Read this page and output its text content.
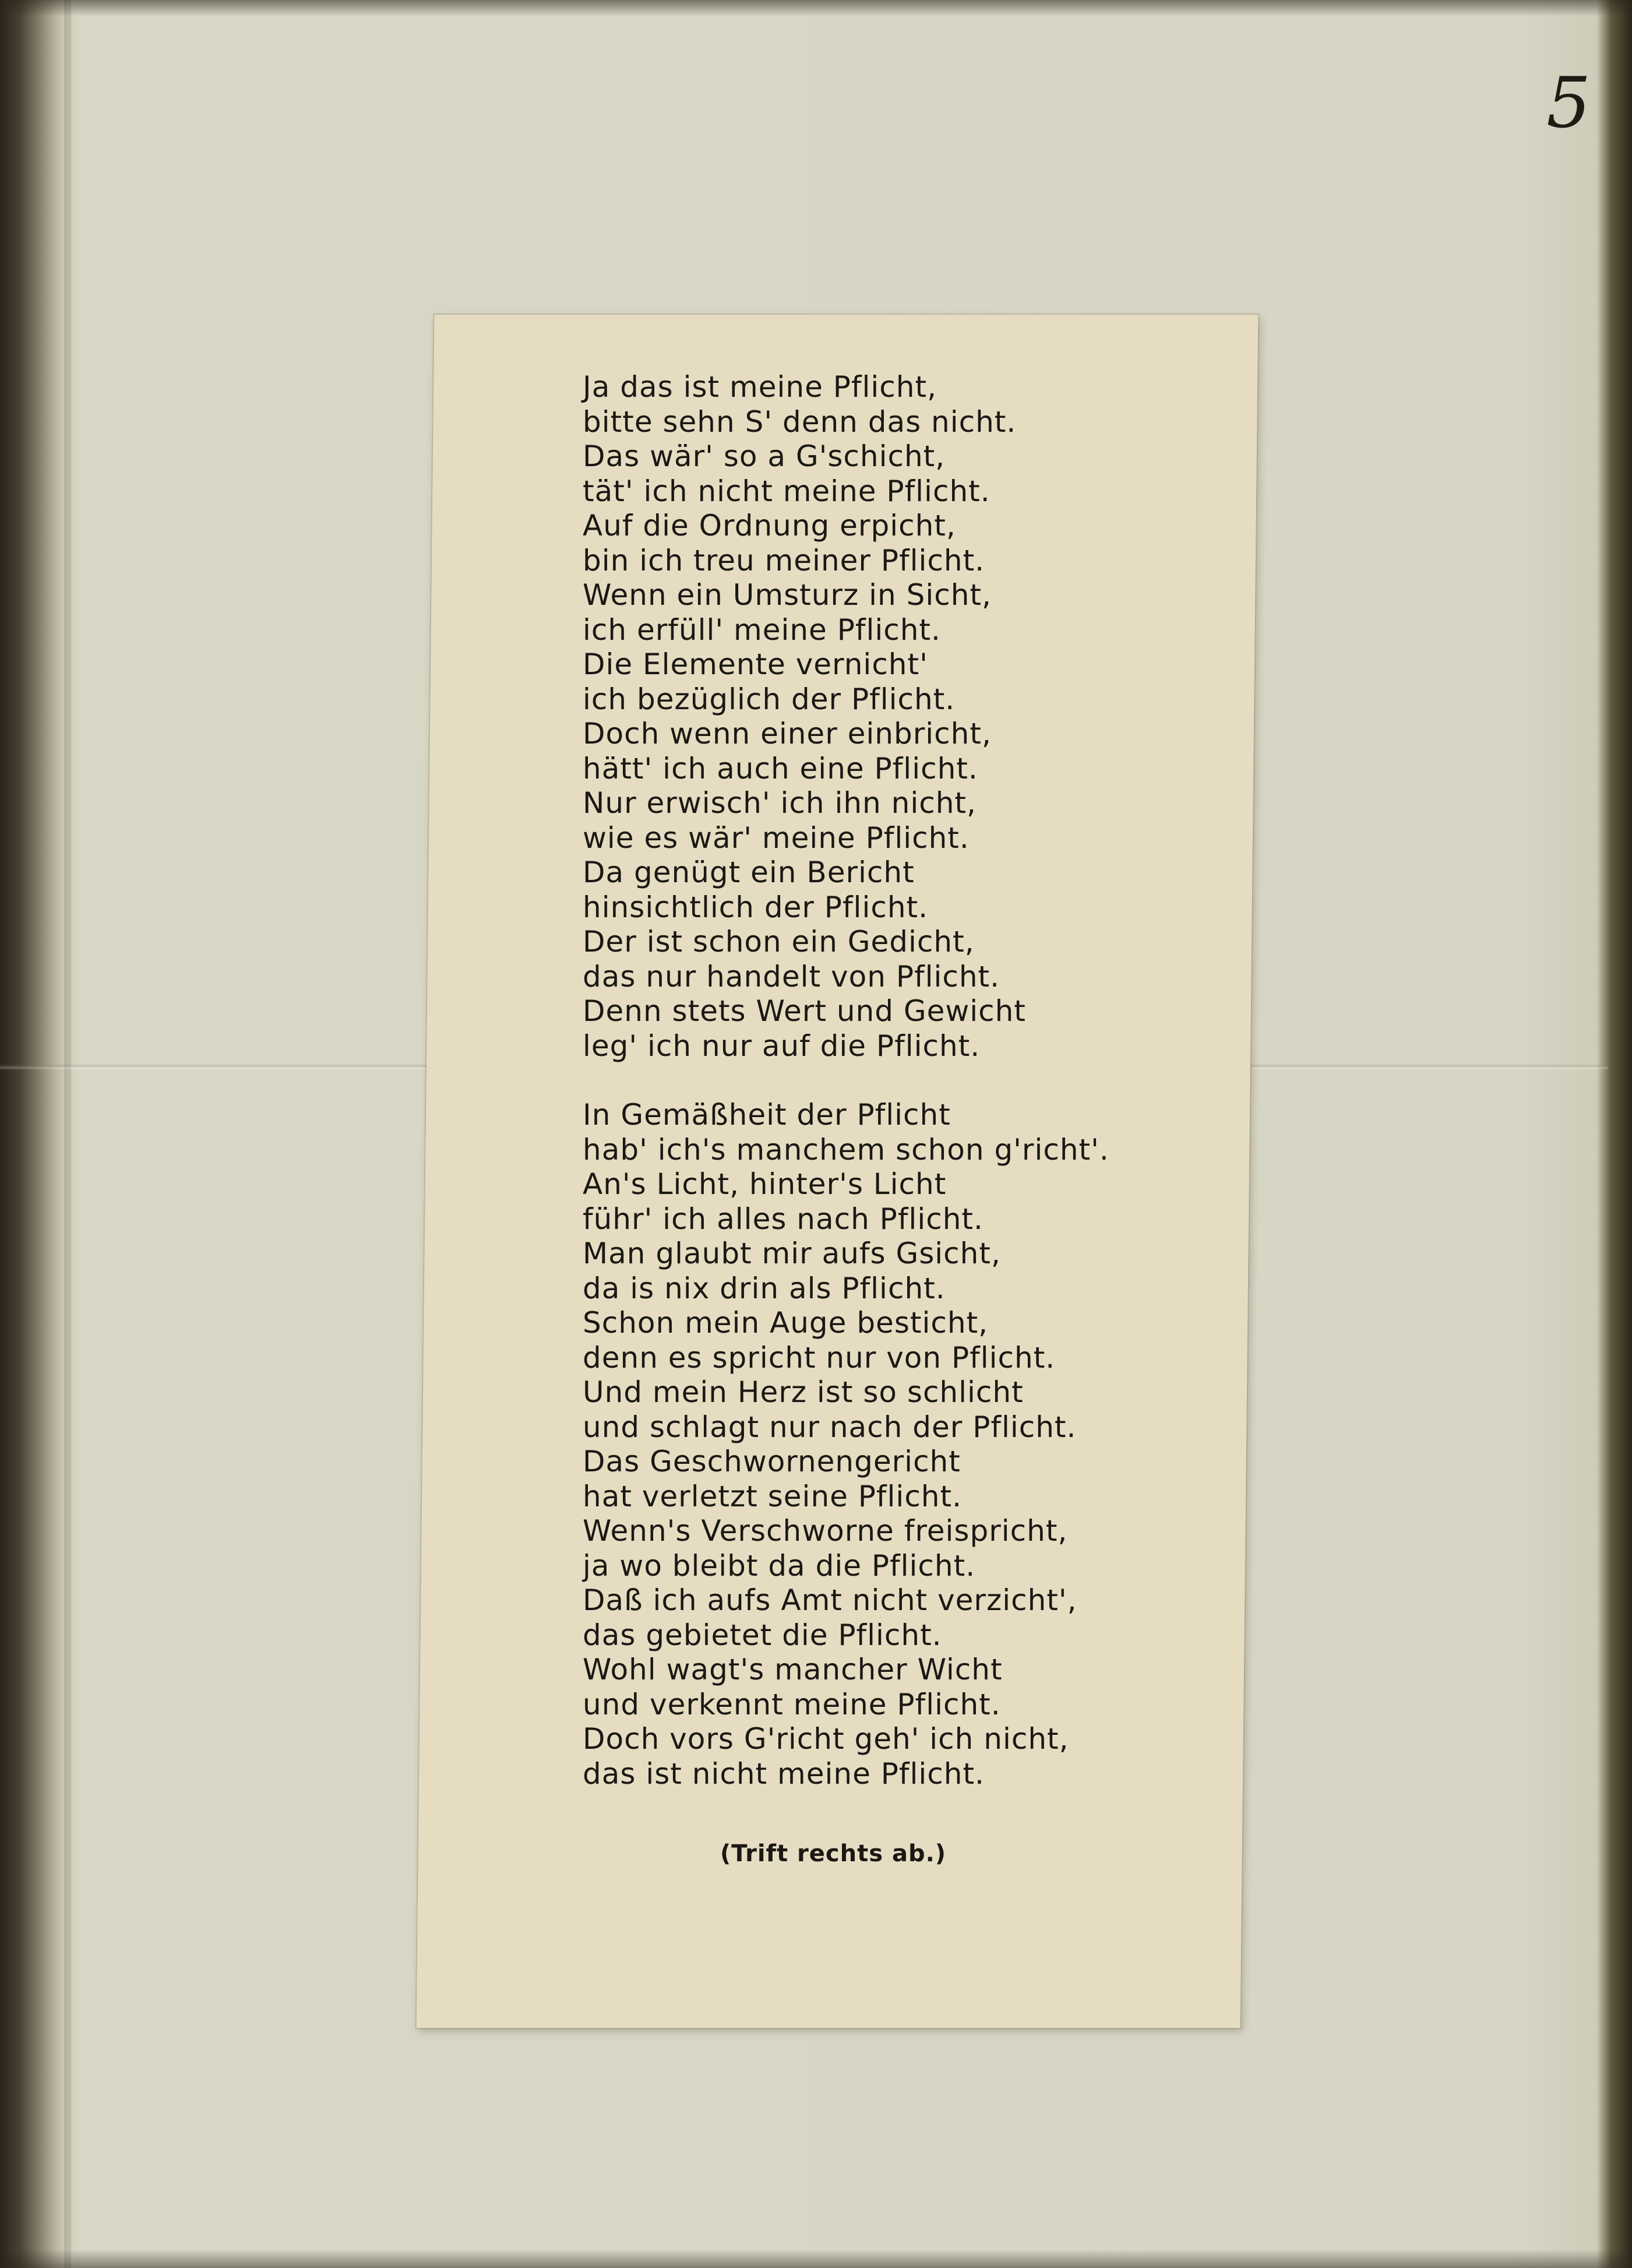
5
Ja das ist meine Pflicht,
bitte sehn S' denn das nicht.
Das wär' so a G'schicht,
tät' ich nicht meine Pflicht.
Auf die Ordnung erpicht,
bin ich treu meiner Pflicht.
Wenn ein Umsturz in Sicht,
ich erfüll' meine Pflicht.
Die Elemente vernicht'
ich bezüglich der Pflicht.
Doch wenn einer einbricht,
hätt' ich auch eine Pflicht.
Nur erwisch' ich ihn nicht,
wie es wär' meine Pflicht.
Da genügt ein Bericht
hinsichtlich der Pflicht.
Der ist schon ein Gedicht,
das nur handelt von Pflicht.
Denn stets Wert und Gewicht
leg' ich nur auf die Pflicht.
In Gemäßheit der Pflicht
hab' ich's manchem schon g'richt'.
An's Licht, hinter's Licht
führ' ich alles nach Pflicht.
Man glaubt mir aufs Gsicht,
da is nix drin als Pflicht.
Schon mein Auge besticht,
denn es spricht nur von Pflicht.
Und mein Herz ist so schlicht
und schlagt nur nach der Pflicht.
Das Geschwornengericht
hat verletzt seine Pflicht.
Wenn's Verschworne freispricht,
ja wo bleibt da die Pflicht.
Daß ich aufs Amt nicht verzicht',
das gebietet die Pflicht.
Wohl wagt's mancher Wicht
und verkennt meine Pflicht.
Doch vors G'richt geh' ich nicht,
das ist nicht meine Pflicht.
(Trift rechts ab.)
